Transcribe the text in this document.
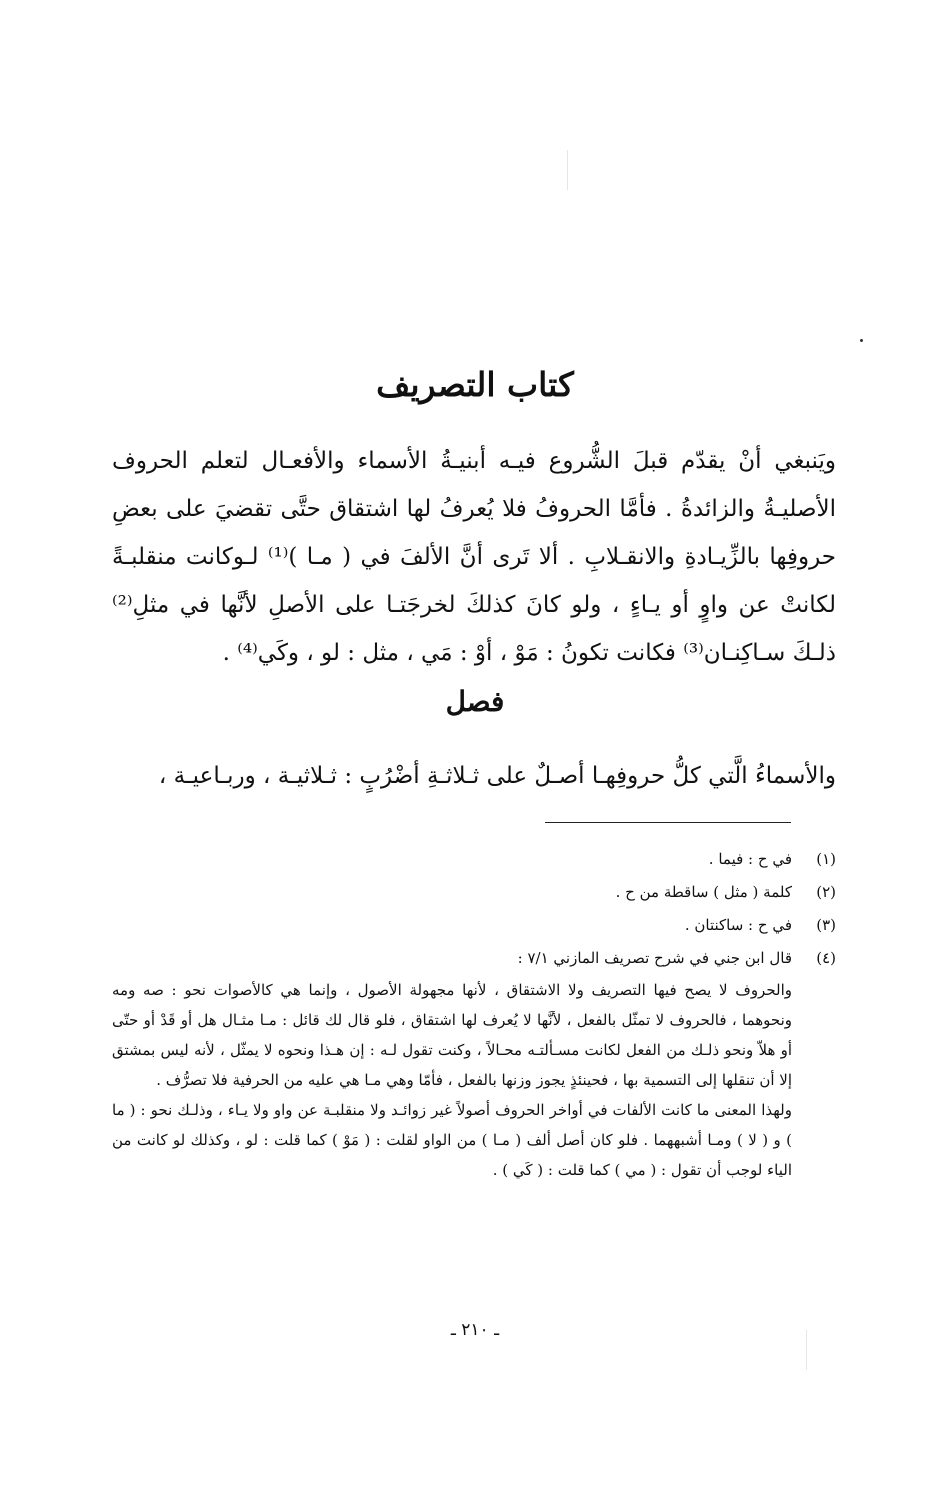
كتاب التصريف
ويَنبغي أنْ يقدّم قبلَ الشُّروع فيـه أبنيـةُ الأسماء والأفعـال لتعلم الحروف الأصليـةُ والزائدةُ . فأمَّا الحروفُ فلا يُعرفُ لها اشتقاق حتَّى تقضيَ على بعضِ حروفِها بالزِّيـادةِ والانقـلابِ . ألا تَرى أنَّ الألفَ في ( مـا )⁽¹⁾ لـوكانت منقلبـةً لكانتْ عن واوٍ أو يـاءٍ ، ولو كانَ كذلكَ لخرجَتـا على الأصلِ لأنَّها في مثلِ⁽²⁾ ذلـكَ سـاكِنـان⁽³⁾ فكانت تكونُ : مَوْ ، أوْ : مَي ، مثل : لو ، وكَي⁽⁴⁾ .
فصل
والأسماءُ الَّتي كلُّ حروفِهـا أصـلٌ على ثـلاثـةِ أضْرُبٍ : ثـلاثيـة ، وربـاعيـة ،
(١)
في ح : فيما .
(٢)
كلمة ( مثل ) ساقطة من ح .
(٣)
في ح : ساكنتان .
(٤)
قال ابن جني في شرح تصريف المازني ٧/١ :

والحروف لا يصح فيها التصريف ولا الاشتقاق ، لأنها مجهولة الأصول ، وإنما هي كالأصوات نحو : صه ومه ونحوهما ، فالحروف لا تمثّل بالفعل ، لأنَّها لا يُعرف لها اشتقاق ، فلو قال لك قائل : مـا مثـال هل أو قَدْ أو حتّى أو هلاّ ونحو ذلـك من الفعل لكانت مسـألتـه محـالاً ، وكنت تقول لـه : إن هـذا ونحوه لا يمثّل ، لأنه ليس بمشتق إلا أن تنقلها إلى التسمية بها ، فحينئذٍ يجوز وزنها بالفعل ، فأمّا وهي مـا هي عليه من الحرفية فلا تصرُّف .

ولهذا المعنى ما كانت الألفات في أواخر الحروف أصولاً غير زوائـد ولا منقلبـة عن واو ولا يـاء ، وذلـك نحو : ( ما ) و ( لا ) ومـا أشبههما . فلو كان أصل ألف ( مـا ) من الواو لقلت : ( مَوْ ) كما قلت : لو ، وكذلك لو كانت من الياء لوجب أن تقول : ( مي ) كما قلت : ( كَي ) .

ـ ٢١٠ ـ
